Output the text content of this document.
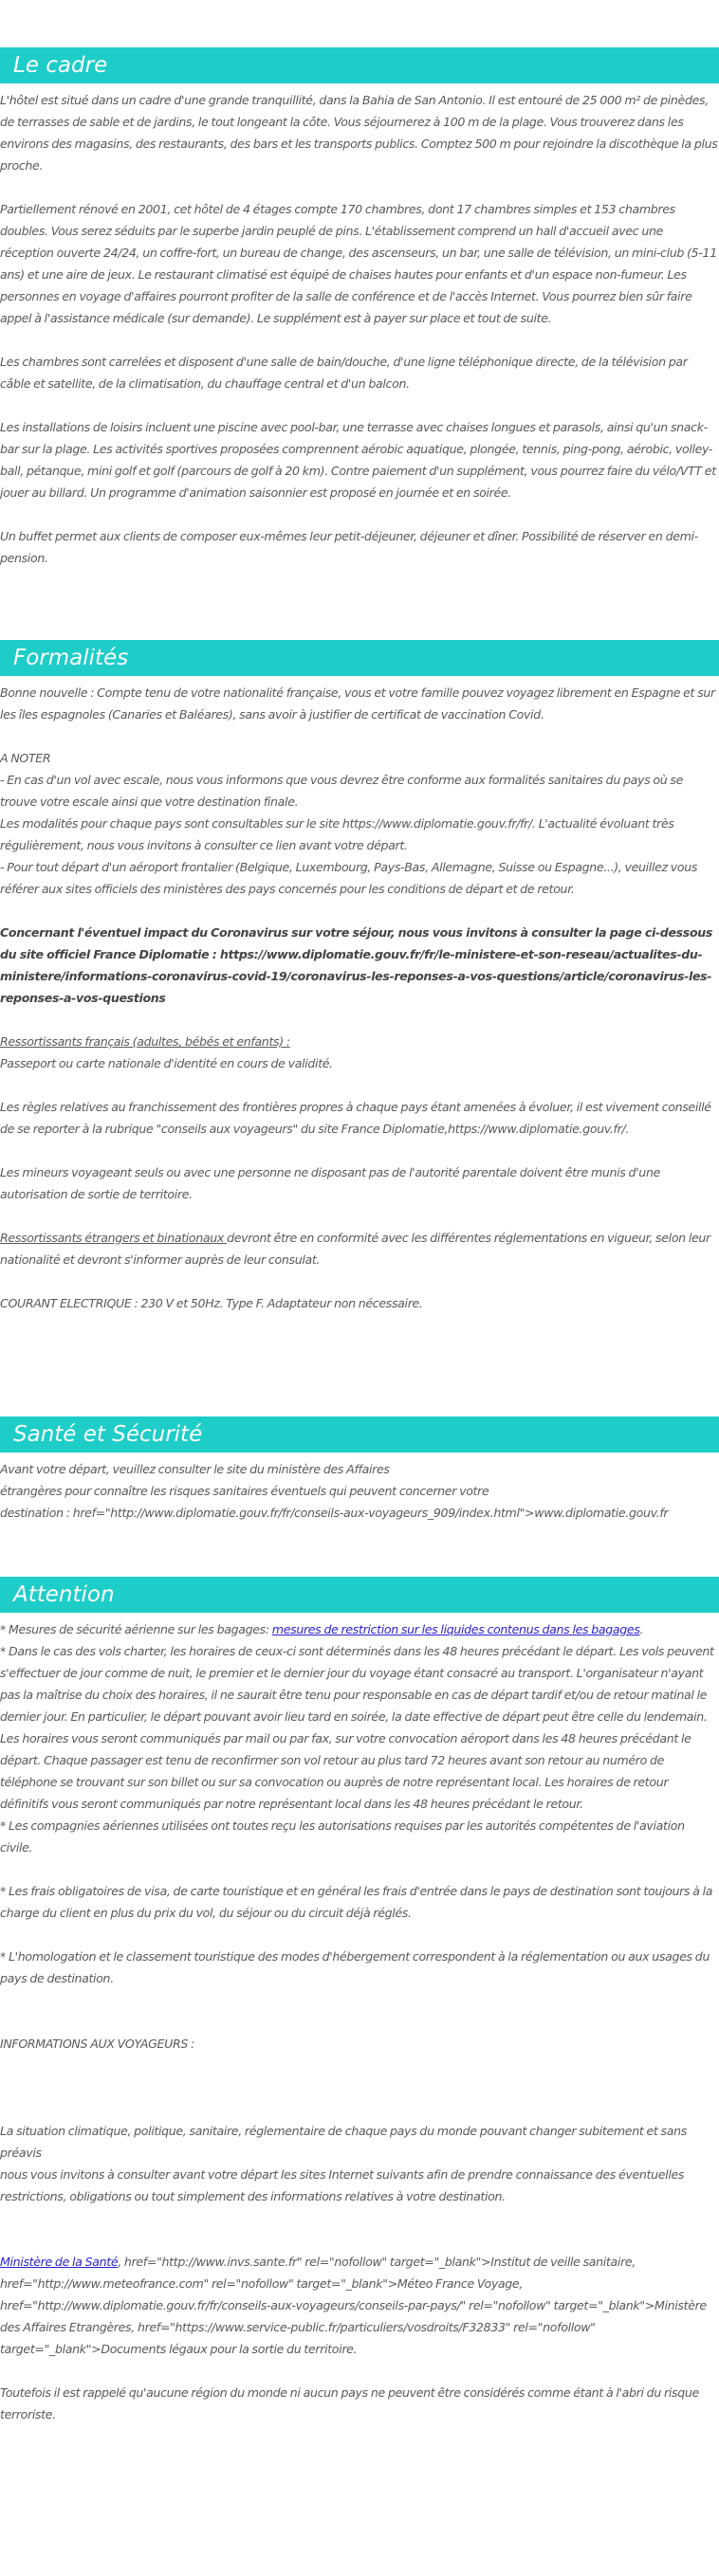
Le cadre

L'hôtel est situé dans un cadre d'une grande tranquillité, dans la Bahia de San Antonio. Il est entouré de 25 000 m² de pinèdes, de terrasses de sable et de jardins, le tout longeant la côte. Vous séjournerez à 100 m de la plage. Vous trouverez dans les environs des magasins, des restaurants, des bars et les transports publics. Comptez 500 m pour rejoindre la discothèque la plus proche.

Partiellement rénové en 2001, cet hôtel de 4 étages compte 170 chambres, dont 17 chambres simples et 153 chambres doubles. Vous serez séduits par le superbe jardin peuplé de pins. L'établissement comprend un hall d'accueil avec une réception ouverte 24/24, un coffre-fort, un bureau de change, des ascenseurs, un bar, une salle de télévision, un mini-club (5-11 ans) et une aire de jeux. Le restaurant climatisé est équipé de chaises hautes pour enfants et d'un espace non-fumeur. Les personnes en voyage d'affaires pourront profiter de la salle de conférence et de l'accès Internet. Vous pourrez bien sûr faire appel à l'assistance médicale (sur demande). Le supplément est à payer sur place et tout de suite.

Les chambres sont carrelées et disposent d'une salle de bain/douche, d'une ligne téléphonique directe, de la télévision par câble et satellite, de la climatisation, du chauffage central et d'un balcon.

Les installations de loisirs incluent une piscine avec pool-bar, une terrasse avec chaises longues et parasols, ainsi qu'un snack-bar sur la plage. Les activités sportives proposées comprennent aérobic aquatique, plongée, tennis, ping-pong, aérobic, volley-ball, pétanque, mini golf et golf (parcours de golf à 20 km). Contre paiement d'un supplément, vous pourrez faire du vélo/VTT et jouer au billard. Un programme d'animation saisonnier est proposé en journée et en soirée.

Un buffet permet aux clients de composer eux-mêmes leur petit-déjeuner, déjeuner et dîner. Possibilité de réserver en demi-pension.

Formalités

Bonne nouvelle : Compte tenu de votre nationalité française, vous et votre famille pouvez voyagez librement en Espagne et sur les îles espagnoles (Canaries et Baléares), sans avoir à justifier de certificat de vaccination Covid.

A NOTER

- En cas d'un vol avec escale, nous vous informons que vous devrez être conforme aux formalités sanitaires du pays où se trouve votre escale ainsi que votre destination finale.

Les modalités pour chaque pays sont consultables sur le site https://www.diplomatie.gouv.fr/fr/. L'actualité évoluant très régulièrement, nous vous invitons à consulter ce lien avant votre départ.

- Pour tout départ d'un aéroport frontalier (Belgique, Luxembourg, Pays-Bas, Allemagne, Suisse ou Espagne...), veuillez vous référer aux sites officiels des ministères des pays concernés pour les conditions de départ et de retour.

Concernant l'éventuel impact du Coronavirus sur votre séjour, nous vous invitons à consulter la page ci-dessous du site officiel France Diplomatie : https://www.diplomatie.gouv.fr/fr/le-ministere-et-son-reseau/actualites-du-ministere/informations-coronavirus-covid-19/coronavirus-les-reponses-a-vos-questions/article/coronavirus-les-reponses-a-vos-questions

Ressortissants français (adultes, bébés et enfants) :

Passeport ou carte nationale d'identité en cours de validité.

Les règles relatives au franchissement des frontières propres à chaque pays étant amenées à évoluer, il est vivement conseillé de se reporter à la rubrique "conseils aux voyageurs" du site France Diplomatie,https://www.diplomatie.gouv.fr/.

Les mineurs voyageant seuls ou avec une personne ne disposant pas de l'autorité parentale doivent être munis d'une autorisation de sortie de territoire.

Ressortissants étrangers et binationaux devront être en conformité avec les différentes réglementations en vigueur, selon leur nationalité et devront s'informer auprès de leur consulat.

COURANT ELECTRIQUE : 230 V et 50Hz. Type F. Adaptateur non nécessaire.

Santé et Sécurité

Avant votre départ, veuillez consulter le site du ministère des Affaires

étrangères pour connaître les risques sanitaires éventuels qui peuvent concerner votre

destination : href="http://www.diplomatie.gouv.fr/fr/conseils-aux-voyageurs_909/index.html">www.diplomatie.gouv.fr

Attention

* Mesures de sécurité aérienne sur les bagages: mesures de restriction sur les liquides contenus dans les bagages.

* Dans le cas des vols charter, les horaires de ceux-ci sont déterminés dans les 48 heures précédant le départ. Les vols peuvent s'effectuer de jour comme de nuit, le premier et le dernier jour du voyage étant consacré au transport. L'organisateur n'ayant pas la maîtrise du choix des horaires, il ne saurait être tenu pour responsable en cas de départ tardif et/ou de retour matinal le dernier jour. En particulier, le départ pouvant avoir lieu tard en soirée, la date effective de départ peut être celle du lendemain. Les horaires vous seront communiqués par mail ou par fax, sur votre convocation aéroport dans les 48 heures précédant le départ. Chaque passager est tenu de reconfirmer son vol retour au plus tard 72 heures avant son retour au numéro de téléphone se trouvant sur son billet ou sur sa convocation ou auprès de notre représentant local. Les horaires de retour définitifs vous seront communiqués par notre représentant local dans les 48 heures précédant le retour.

* Les compagnies aériennes utilisées ont toutes reçu les autorisations requises par les autorités compétentes de l'aviation civile.

* Les frais obligatoires de visa, de carte touristique et en général les frais d'entrée dans le pays de destination sont toujours à la charge du client en plus du prix du vol, du séjour ou du circuit déjà réglés.

* L'homologation et le classement touristique des modes d'hébergement correspondent à la réglementation ou aux usages du pays de destination.

INFORMATIONS AUX VOYAGEURS :

La situation climatique, politique, sanitaire, réglementaire de chaque pays du monde pouvant changer subitement et sans préavis

nous vous invitons à consulter avant votre départ les sites Internet suivants afin de prendre connaissance des éventuelles restrictions, obligations ou tout simplement des informations relatives à votre destination.

Ministère de la Santé, href="http://www.invs.sante.fr" rel="nofollow" target="_blank">Institut de veille sanitaire, href="http://www.meteofrance.com" rel="nofollow" target="_blank">Méteo France Voyage, href="http://www.diplomatie.gouv.fr/fr/conseils-aux-voyageurs/conseils-par-pays/" rel="nofollow" target="_blank">Ministère des Affaires Etrangères, href="https://www.service-public.fr/particuliers/vosdroits/F32833" rel="nofollow" target="_blank">Documents légaux pour la sortie du territoire.

Toutefois il est rappelé qu'aucune région du monde ni aucun pays ne peuvent être considérés comme étant à l'abri du risque terroriste.
